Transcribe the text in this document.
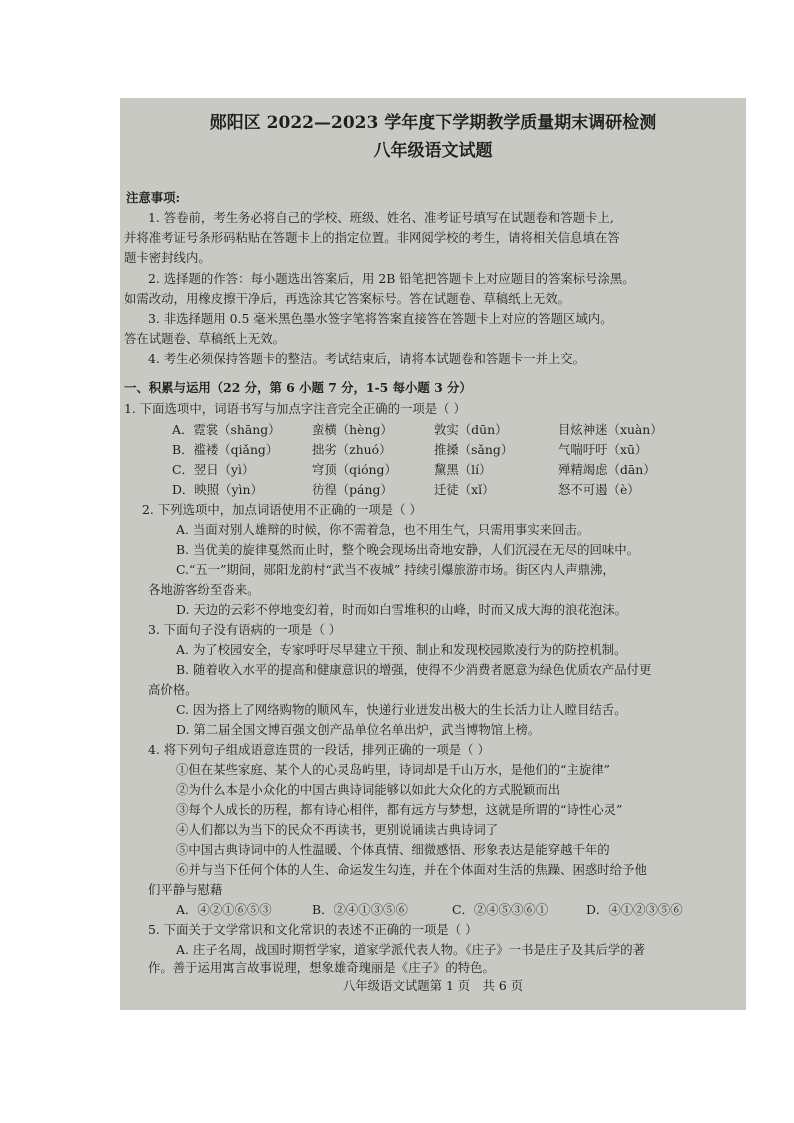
郧阳区 2022—2023 学年度下学期教学质量期末调研检测
八年级语文试题
注意事项:
1. 答卷前，考生务必将自己的学校、班级、姓名、准考证号填写在试题卷和答题卡上,
并将准考证号条形码粘贴在答题卡上的指定位置。非网阅学校的考生，请将相关信息填在答
题卡密封线内。
2. 选择题的作答：每小题选出答案后，用 2B 铅笔把答题卡上对应题目的答案标号涂黑。
如需改动，用橡皮擦干净后，再选涂其它答案标号。答在试题卷、草稿纸上无效。
3. 非选择题用 0.5 毫米黑色墨水签字笔将答案直接答在答题卡上对应的答题区域内。
答在试题卷、草稿纸上无效。
4. 考生必须保持答题卡的整洁。考试结束后，请将本试题卷和答题卡一并上交。
一、积累与运用（22 分，第 6 小题 7 分，1-5 每小题 3 分）
1. 下面选项中，词语书写与加点字注音完全正确的一项是（ ）
A．霓裳（shāng）	蛮横（hèng）	敦实（dūn）	目炫神迷（xuàn）
B．褴褛（qiǎng）	拙劣（zhuó）	推搡（sǎng）	气喘吁吁（xū）
C．翌日（yì）	穹顶（qióng）	黧黑（lí）	殚精竭虑（dān）
D．映照（yìn）	彷徨（páng）	迁徒（xǐ）	怒不可遏（è）
2. 下列选项中，加点词语使用不正确的一项是（ ）
A. 当面对别人雄辩的时候，你不需着急，也不用生气，只需用事实来回击。
B. 当优美的旋律戛然而止时，整个晚会现场出奇地安静，人们沉浸在无尽的回味中。
C.“五一”期间，郧阳龙韵村“武当不夜城” 持续引爆旅游市场。街区内人声鼎沸，
各地游客纷至沓来。
D. 天边的云彩不停地变幻着，时而如白雪堆积的山峰，时而又成大海的浪花泡沫。
3. 下面句子没有语病的一项是（ ）
A. 为了校园安全，专家呼吁尽早建立干预、制止和发现校园欺凌行为的防控机制。
B. 随着收入水平的提高和健康意识的增强，使得不少消费者愿意为绿色优质农产品付更
高价格。
C. 因为搭上了网络购物的顺风车，快递行业迸发出极大的生长活力让人瞠目结舌。
D. 第二届全国文博百强文创产品单位名单出炉，武当博物馆上榜。
4. 将下列句子组成语意连贯的一段话，排列正确的一项是（ ）
①但在某些家庭、某个人的心灵岛屿里，诗词却是千山万水，是他们的“主旋律”
②为什么本是小众化的中国古典诗词能够以如此大众化的方式脱颖而出
③每个人成长的历程，都有诗心相伴，都有远方与梦想，这就是所谓的“诗性心灵”
④人们都以为当下的民众不再读书，更别说诵读古典诗词了
⑤中国古典诗词中的人性温暖、个体真情、细微感悟、形象表达是能穿越千年的
⑥并与当下任何个体的人生、命运发生勾连，并在个体面对生活的焦躁、困惑时给予他
们平静与慰藉
A．④②①⑥⑤③	B．②④①③⑤⑥	C．②④⑤③⑥①	D．④①②③⑤⑥
5. 下面关于文学常识和文化常识的表述不正确的一项是（ ）
A. 庄子名周，战国时期哲学家，道家学派代表人物。《庄子》一书是庄子及其后学的著
作。善于运用寓言故事说理，想象雄奇瑰丽是《庄子》的特色。
八年级语文试题第 1 页　共 6 页
